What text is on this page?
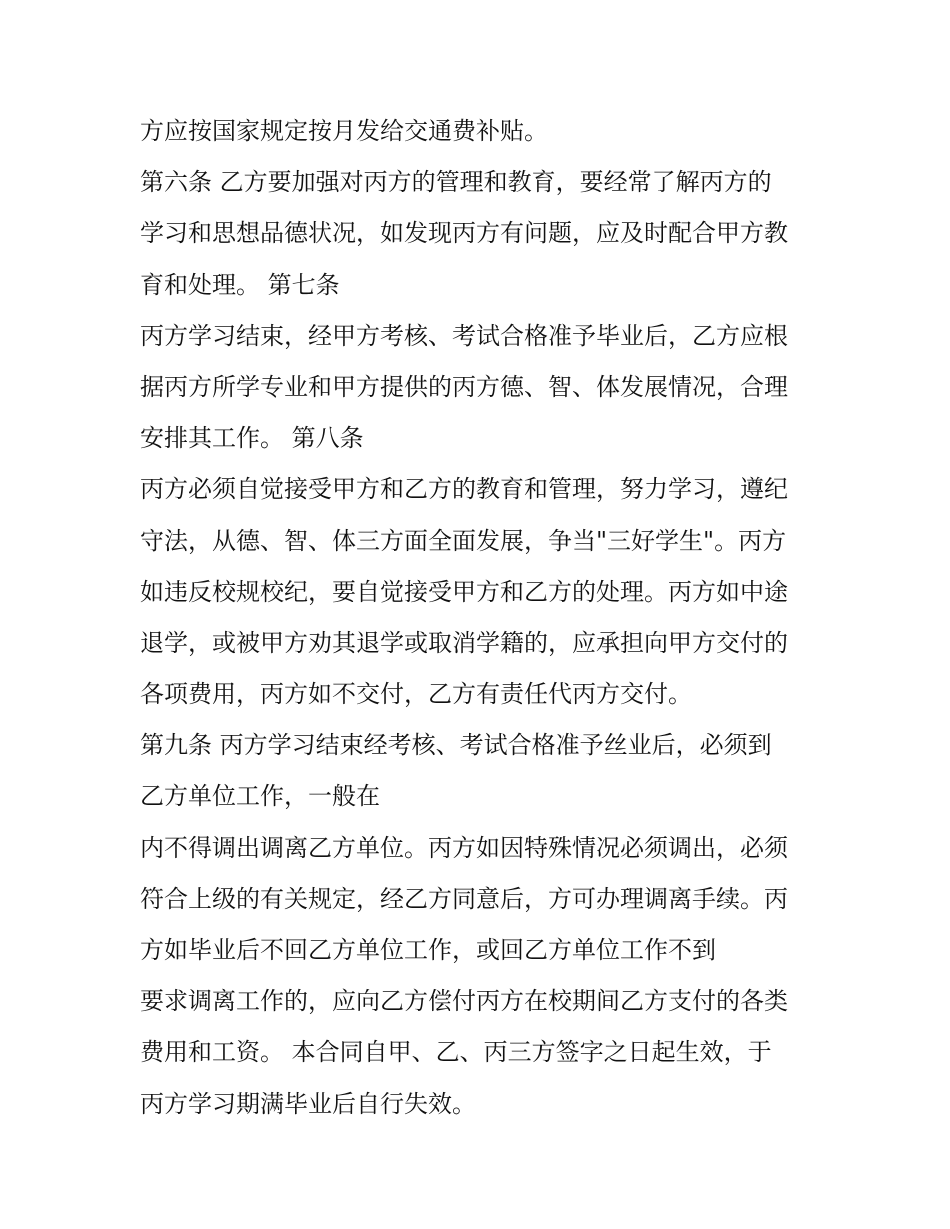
方应按国家规定按月发给交通费补贴。
第六条 乙方要加强对丙方的管理和教育，要经常了解丙方的
学习和思想品德状况，如发现丙方有问题，应及时配合甲方教
育和处理。 第七条
丙方学习结束，经甲方考核、考试合格准予毕业后，乙方应根
据丙方所学专业和甲方提供的丙方德、智、体发展情况，合理
安排其工作。 第八条
丙方必须自觉接受甲方和乙方的教育和管理，努力学习，遵纪
守法，从德、智、体三方面全面发展，争当"三好学生"。丙方
如违反校规校纪，要自觉接受甲方和乙方的处理。丙方如中途
退学，或被甲方劝其退学或取消学籍的，应承担向甲方交付的
各项费用，丙方如不交付，乙方有责任代丙方交付。
第九条 丙方学习结束经考核、考试合格准予丝业后，必须到
乙方单位工作，一般在
内不得调出调离乙方单位。丙方如因特殊情况必须调出，必须
符合上级的有关规定，经乙方同意后，方可办理调离手续。丙
方如毕业后不回乙方单位工作，或回乙方单位工作不到
要求调离工作的，应向乙方偿付丙方在校期间乙方支付的各类
费用和工资。 本合同自甲、乙、丙三方签字之日起生效，于
丙方学习期满毕业后自行失效。
